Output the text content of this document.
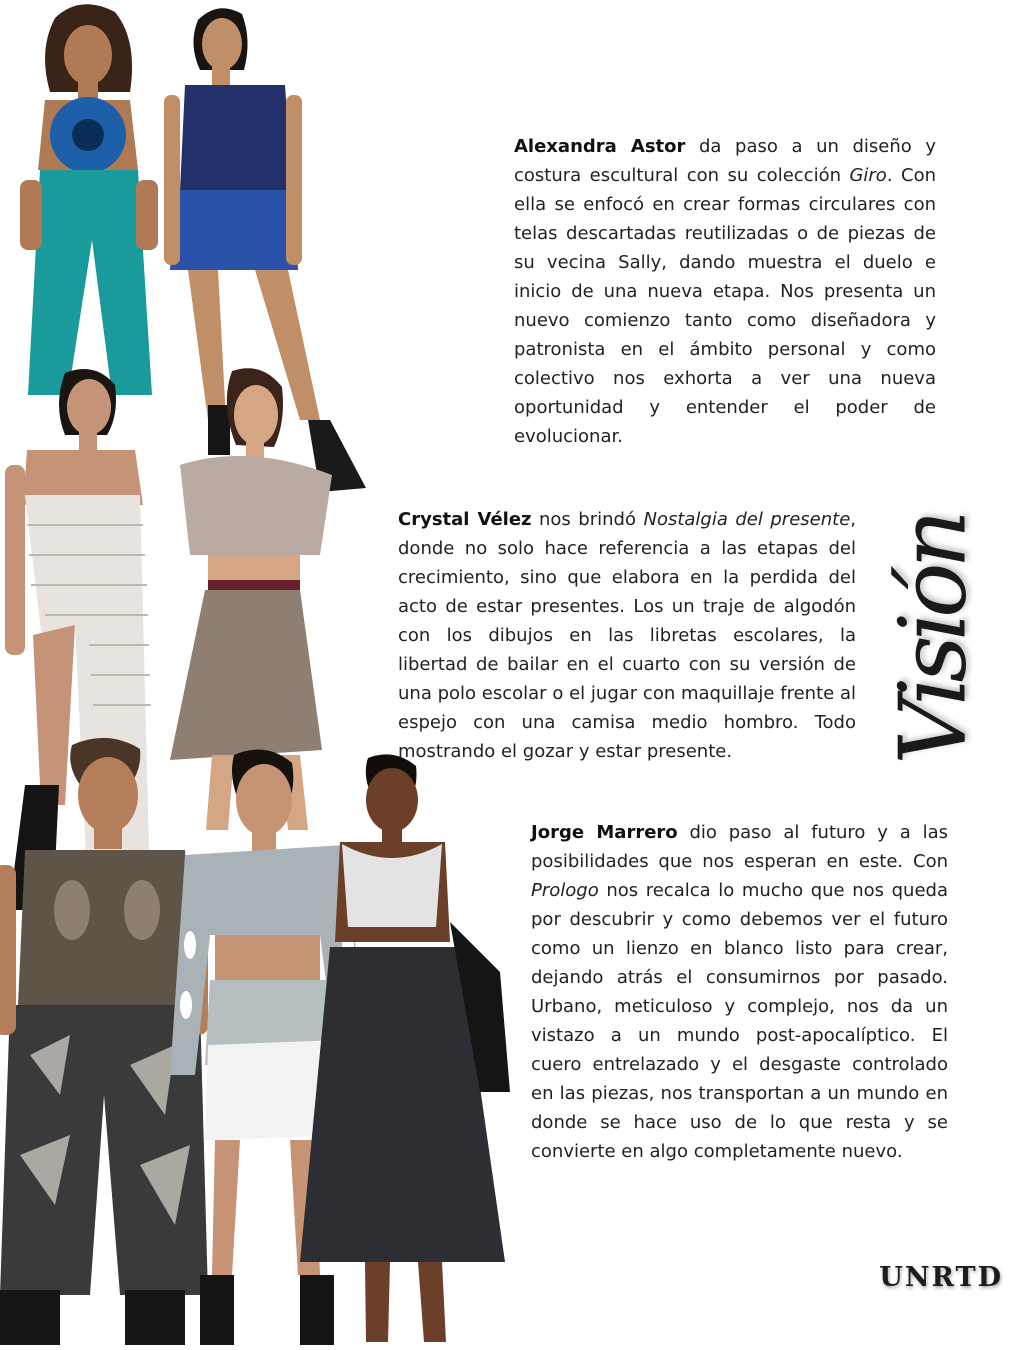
Alexandra Astor da paso a un diseño y costura escultural con su colección Giro. Con ella se enfocó en crear formas circulares con telas descartadas reutilizadas o de piezas de su vecina Sally, dando muestra el duelo e inicio de una nueva etapa. Nos presenta un nuevo comienzo tanto como diseñadora y patronista en el ámbito personal y como colectivo nos exhorta a ver una nueva oportunidad y entender el poder de evolucionar.
Crystal Vélez nos brindó Nostalgia del presente, donde no solo hace referencia a las etapas del crecimiento, sino que elabora en la perdida del acto de estar presentes. Los un traje de algodón con los dibujos en las libretas escolares, la libertad de bailar en el cuarto con su versión de una polo escolar o el jugar con maquillaje frente al espejo con una camisa medio hombro. Todo mostrando el gozar y estar presente.
Jorge Marrero dio paso al futuro y a las posibilidades que nos esperan en este. Con Prologo nos recalca lo mucho que nos queda por descubrir y como debemos ver el futuro como un lienzo en blanco listo para crear, dejando atrás el consumirnos por pasado. Urbano, meticuloso y complejo, nos da un vistazo a un mundo post-apocalíptico. El cuero entrelazado y el desgaste controlado en las piezas, nos transportan a un mundo en donde se hace uso de lo que resta y se convierte en algo completamente nuevo.
Visión
UNRTD
